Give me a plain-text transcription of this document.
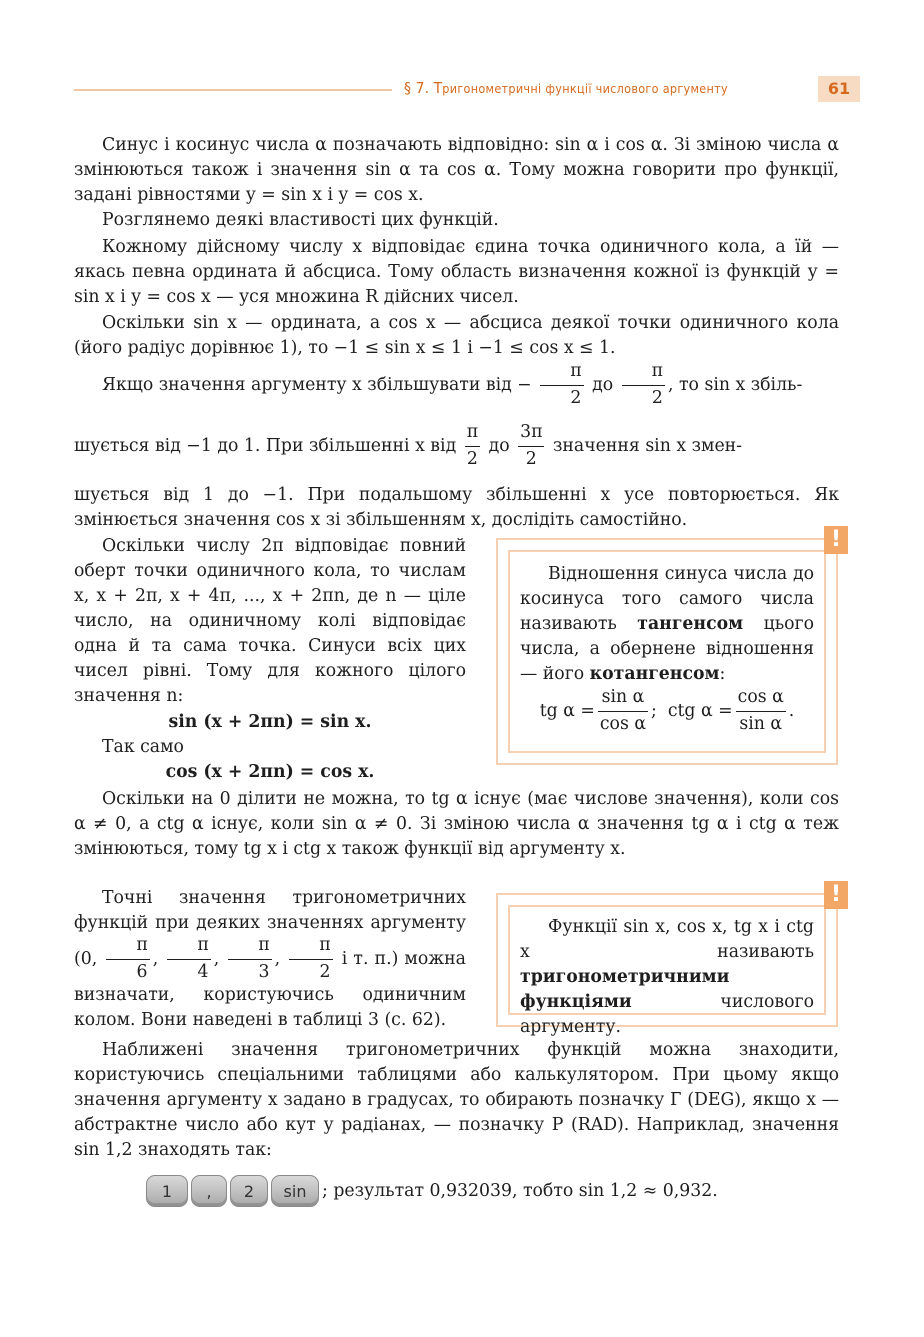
§ 7. Тригонометричні функції числового аргументу	61

Синус і косинус числа α позначають відповідно: sin α і cos α. Зі зміною числа α змінюються також і значення sin α та cos α. Тому можна говорити про функції, задані рівностями y = sin x і y = cos x.

Розглянемо деякі властивості цих функцій.

Кожному дійсному числу x відповідає єдина точка одиничного кола, а їй — якась певна ордината й абсциса. Тому область визначення кожної із функцій y = sin x і y = cos x — уся множина R дійсних чисел.

Оскільки sin x — ордината, а cos x — абсциса деякої точки одиничного кола (його радіус дорівнює 1), то −1 ≤ sin x ≤ 1 і −1 ≤ cos x ≤ 1.

Якщо значення аргументу x збільшувати від − $\frac{\pi}{2}$ до $\frac{\pi}{2}$ , то sin x збіль-
шується від −1 до 1. При збільшенні x від $\frac{\pi}{2}$ до $\frac{3\pi}{2}$ значення sin x змен-

шується від 1 до −1. При подальшому збільшенні x усе повторюється. Як змінюється значення cos x зі збільшенням x, дослідіть самостійно.

Оскільки числу 2π відповідає повний оберт точки одиничного кола, то числам x, x + 2π, x + 4π, ..., x + 2πn, де n — ціле число, на одиничному колі відповідає одна й та сама точка. Синуси всіх цих чисел рівні. Тому для кожного цілого значення n:

sin (x + 2πn) = sin x.

Так само

cos (x + 2πn) = cos x.

Оскільки на 0 ділити не можна, то tg α існує (має числове значення), коли cos α ≠ 0, а ctg α існує, коли sin α ≠ 0. Зі зміною числа α значення tg α і ctg α теж змінюються, тому tg x і ctg x також функції від аргументу x.

Точні значення тригонометричних функцій при деяких значеннях аргументу (0, $\frac{\pi}{6}$ , $\frac{\pi}{4}$ , $\frac{\pi}{3}$ , $\frac{\pi}{2}$ і т. п.) можна визначати, користуючись одиничним колом. Вони наведені в таблиці 3 (с. 62).

Наближені значення тригонометричних функцій можна знаходити, користуючись спеціальними таблицями або калькулятором. При цьому якщо значення аргументу x задано в градусах, то обирають позначку Г (DEG), якщо x — абстрактне число або кут у радіанах, — позначку Р (RAD). Наприклад, значення sin 1,2 знаходять так:

!
Відношення синуса числа до косинуса того самого числа називають тангенсом цього числа, а обернене відношення — його котангенсом:
tg $\alpha = \frac{\text{sin α}}{\text{cos α}}$ ;  ctg $\alpha = \frac{\text{cos α}}{\text{sin α}}$ .
!
Функції sin x, cos x, tg x і ctg x називають тригонометричними функціями числового аргументу.
1	,	2	sin ; результат 0,932039, тобто sin 1,2 ≈ 0,932.
